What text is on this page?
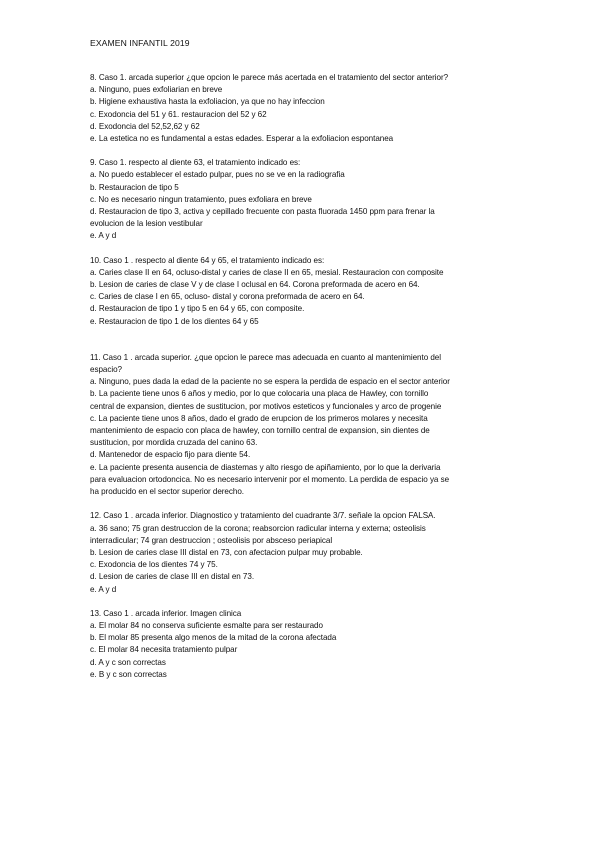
EXAMEN INFANTIL 2019
8. Caso 1. arcada superior ¿que opcion le parece más acertada en el tratamiento del sector anterior?
a. Ninguno, pues exfoliarian en breve
b. Higiene exhaustiva hasta la exfoliacion, ya que no hay infeccion
c. Exodoncia del 51 y 61. restauracion del 52 y 62
d. Exodoncia del 52,52,62 y 62
e. La estetica no es fundamental a estas edades. Esperar a la exfoliacion espontanea
9. Caso 1. respecto al diente 63, el tratamiento indicado es:
a. No puedo establecer el estado pulpar, pues no se ve en la radiografia
b. Restauracion de tipo 5
c. No es necesario ningun tratamiento, pues exfoliara en breve
d. Restauracion de tipo 3, activa y cepillado frecuente con pasta fluorada 1450 ppm para frenar la
evolucion de la lesion vestibular
e. A y d
10. Caso 1 . respecto al diente 64 y 65, el tratamiento indicado es:
a. Caries clase II en 64, ocluso-distal y caries de clase II en 65, mesial. Restauracion con composite
b. Lesion de caries de clase V y de clase I oclusal en 64. Corona preformada de acero en 64.
c. Caries de clase I en 65, ocluso- distal y corona preformada de acero en 64.
d. Restauracion de tipo 1 y tipo 5 en 64 y 65, con composite.
e. Restauracion de tipo 1 de los dientes 64 y 65
11. Caso 1 . arcada superior. ¿que opcion le parece mas adecuada en cuanto al mantenimiento del
espacio?
a. Ninguno, pues dada la edad de la paciente no se espera la perdida de espacio en el sector anterior
b. La paciente tiene unos 6 años y medio, por lo que colocaria una placa de Hawley, con tornillo
central de expansion, dientes de sustitucion, por motivos esteticos y funcionales y arco de progenie
c. La paciente tiene unos 8 años, dado el grado de erupcion de los primeros molares y necesita
mantenimiento de espacio con placa de hawley, con tornillo central de expansion, sin dientes de
sustitucion, por mordida cruzada del canino 63.
d. Mantenedor de espacio fijo para diente 54.
e. La paciente presenta ausencia de diastemas y alto riesgo de apiñamiento, por lo que la derivaria
para evaluacion ortodoncica. No es necesario intervenir por el momento. La perdida de espacio ya se
ha producido en el sector superior derecho.
12. Caso 1 . arcada inferior. Diagnostico y tratamiento del cuadrante 3/7. señale la opcion FALSA.
a. 36 sano; 75 gran destruccion de la corona; reabsorcion radicular interna y externa; osteolisis
interradicular; 74 gran destruccion ; osteolisis por absceso periapical
b. Lesion de caries clase III distal en 73, con afectacion pulpar muy probable.
c. Exodoncia de los dientes 74 y 75.
d. Lesion de caries de clase III en distal en 73.
e. A y d
13. Caso 1 . arcada inferior. Imagen clinica
a. El molar 84 no conserva suficiente esmalte para ser restaurado
b. El molar 85 presenta algo menos de la mitad de la corona afectada
c. El molar 84 necesita tratamiento pulpar
d. A y c son correctas
e. B y c son correctas
